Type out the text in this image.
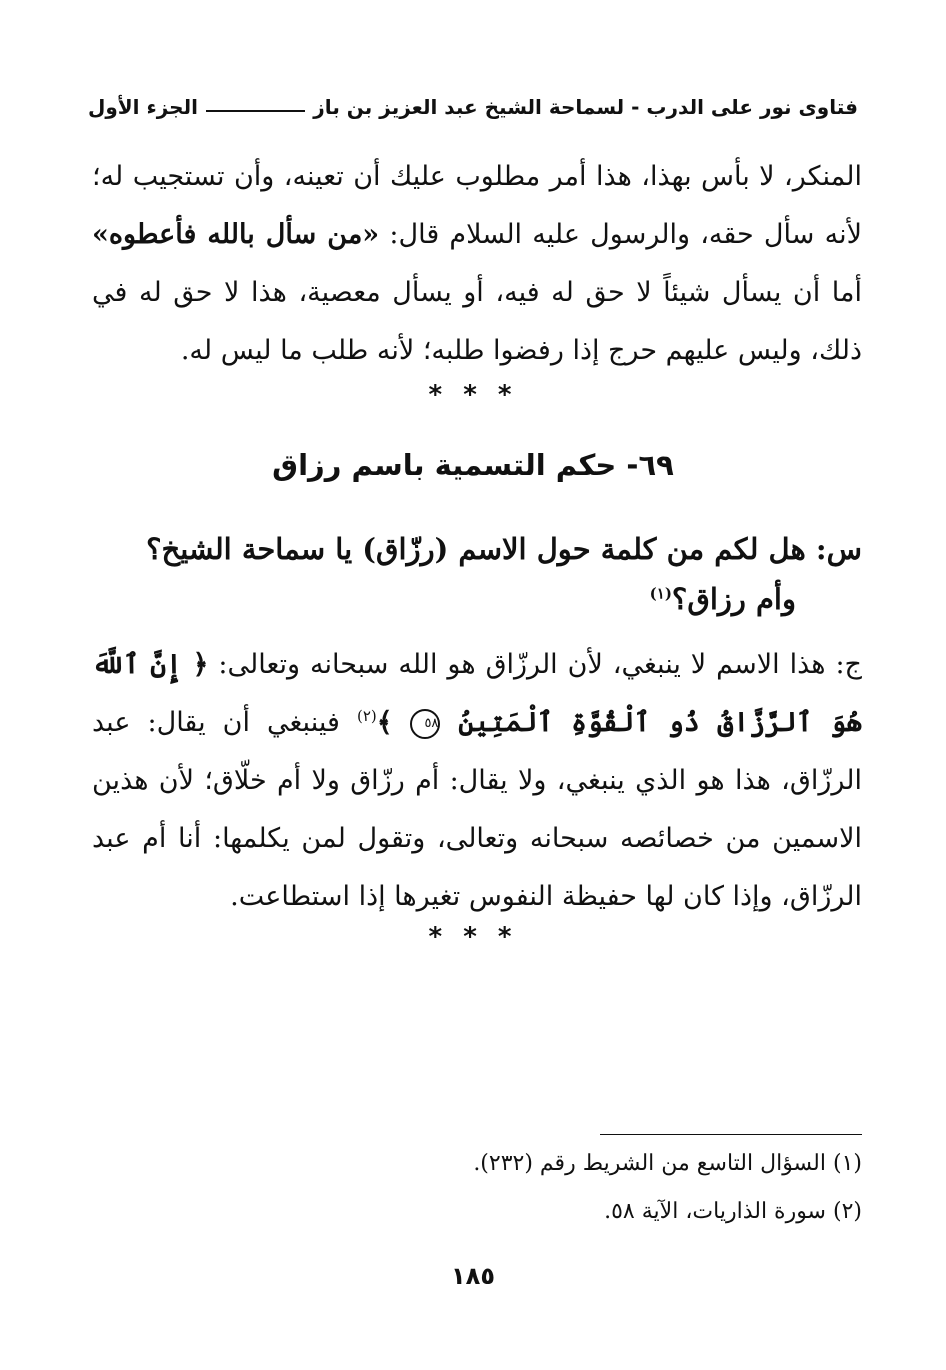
فتاوى نور على الدرب - لسماحة الشيخ عبد العزيز بن باز
الجزء الأول
المنكر، لا بأس بهذا، هذا أمر مطلوب عليك أن تعينه، وأن تستجيب له؛ لأنه سأل حقه، والرسول عليه السلام قال: «من سأل بالله فأعطوه» أما أن يسأل شيئاً لا حق له فيه، أو يسأل معصية، هذا لا حق له في ذلك، وليس عليهم حرج إذا رفضوا طلبه؛ لأنه طلب ما ليس له.
* * *
٦٩- حكم التسمية باسم رزاق
س: هل لكم من كلمة حول الاسم (رزّاق) يا سماحة الشيخ؟
وأم رزاق؟$^{(١)}$
ج: هذا الاسم لا ينبغي، لأن الرزّاق هو الله سبحانه وتعالى: ﴿ إِنَّ ٱللَّهَ هُوَ ٱلرَّزَّاقُ ذُو ٱلْقُوَّةِ ٱلْمَتِينُ ٥٨ ﴾$^{(٢)}$ فينبغي أن يقال: عبد الرزّاق، هذا هو الذي ينبغي، ولا يقال: أم رزّاق ولا أم خلّاق؛ لأن هذين الاسمين من خصائصه سبحانه وتعالى، وتقول لمن يكلمها: أنا أم عبد الرزّاق، وإذا كان لها حفيظة النفوس تغيرها إذا استطاعت.
* * *
(١) السؤال التاسع من الشريط رقم (٢٣٢).
(٢) سورة الذاريات، الآية ٥٨.
١٨٥
